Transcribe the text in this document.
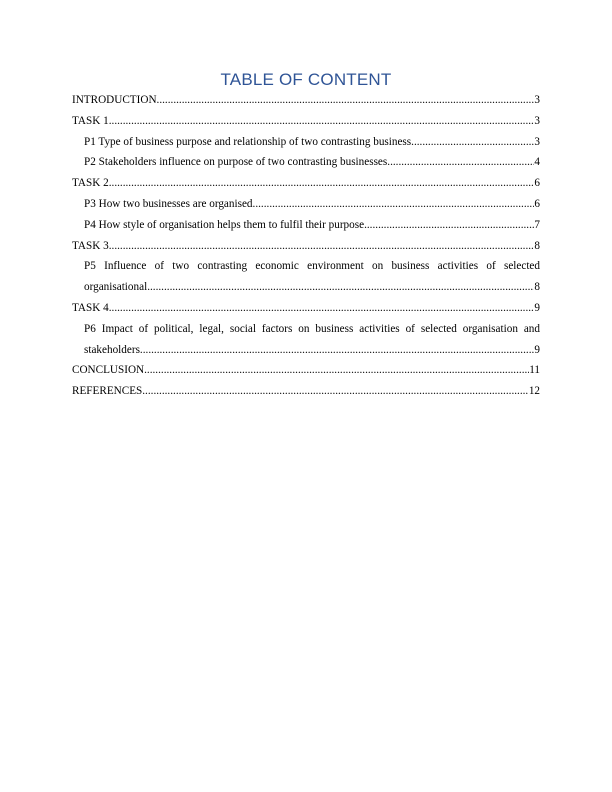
TABLE OF CONTENT
INTRODUCTION .....	3
TASK 1 .....	3
P1 Type of business purpose and relationship of two contrasting business .....	3
P2 Stakeholders influence on purpose of two contrasting businesses .....	4
TASK 2 .....	6
P3 How two businesses are organised .....	6
P4 How style of organisation helps them to fulfil their purpose .....	7
TASK 3 .....	8
P5 Influence of two contrasting economic environment on business activities of selected
organisational .....	8
TASK 4 .....	9
P6 Impact of political, legal, social factors on business activities of selected organisation and
stakeholders .....	9
CONCLUSION .....	11
REFERENCES .....	12
